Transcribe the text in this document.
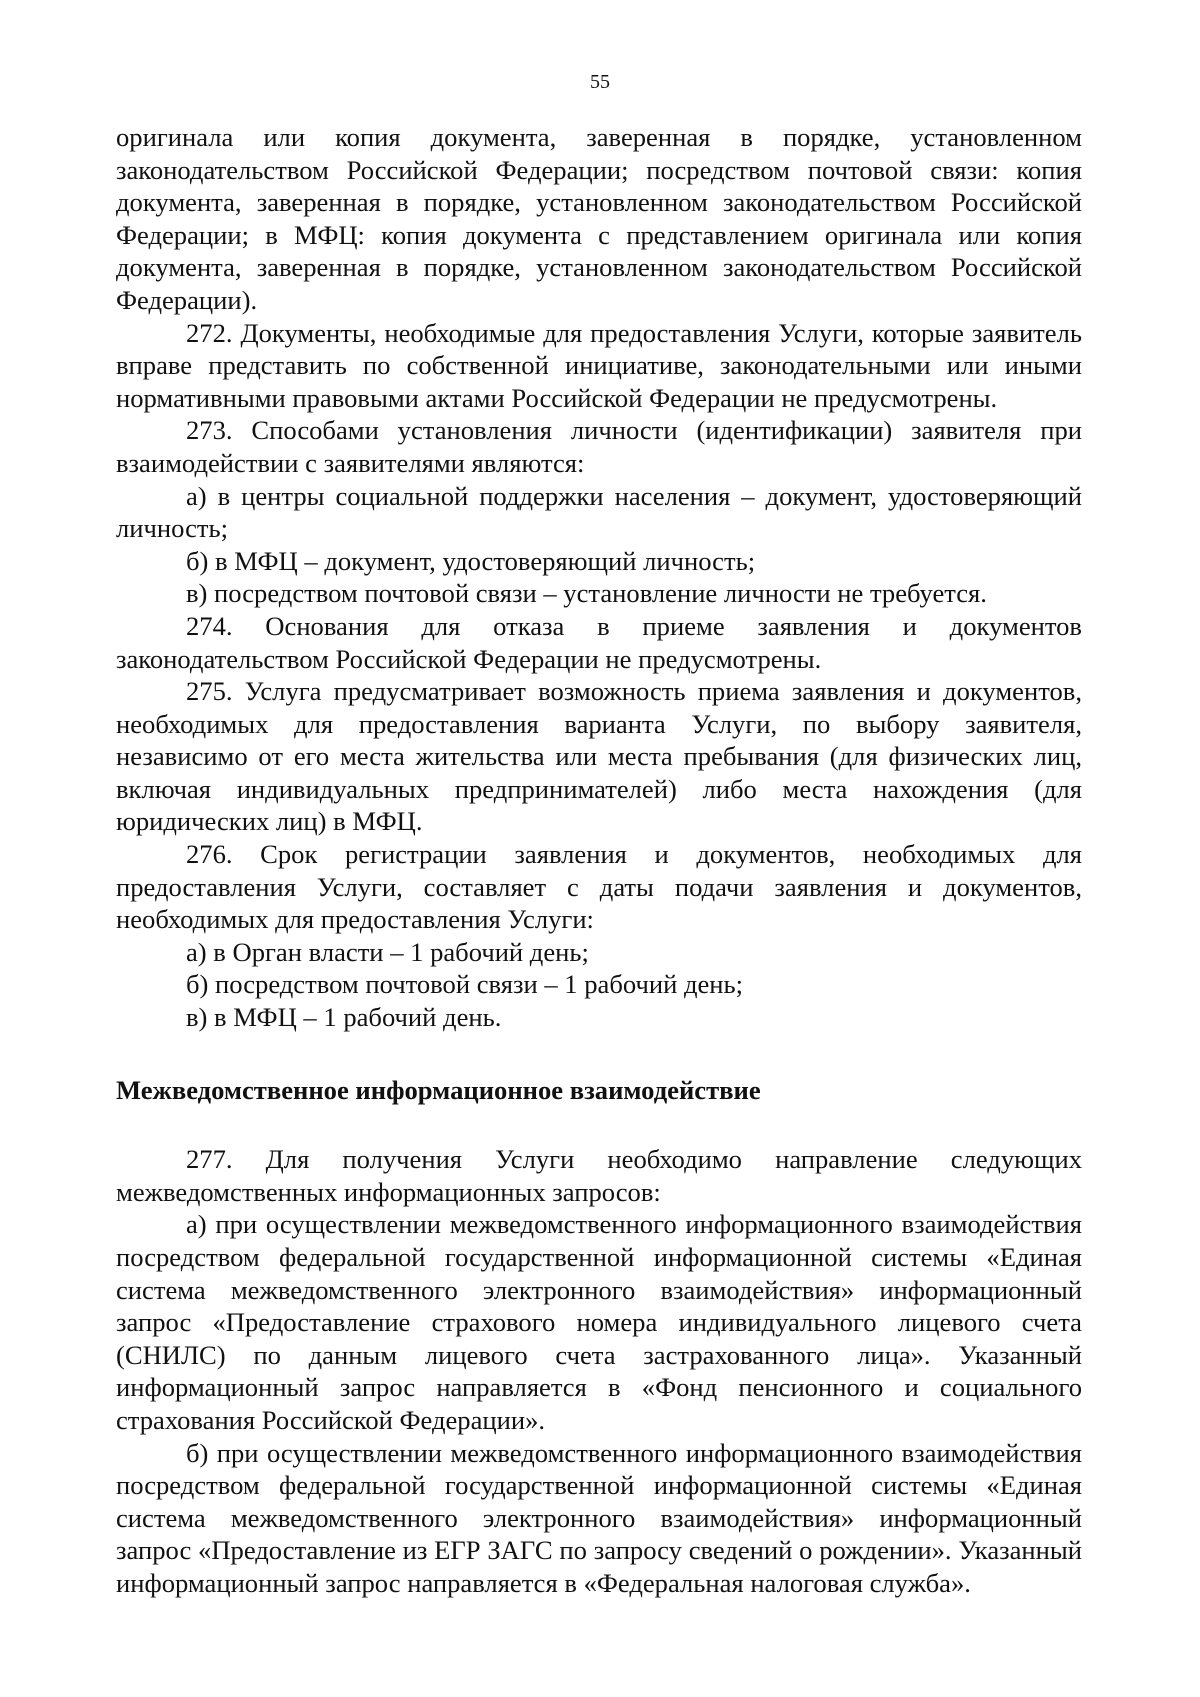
55

оригинала или копия документа, заверенная в порядке, установленном законодательством Российской Федерации; посредством почтовой связи: копия документа, заверенная в порядке, установленном законодательством Российской Федерации; в МФЦ: копия документа с представлением оригинала или копия документа, заверенная в порядке, установленном законодательством Российской Федерации).

272. Документы, необходимые для предоставления Услуги, которые заявитель вправе представить по собственной инициативе, законодательными или иными нормативными правовыми актами Российской Федерации не предусмотрены.

273. Способами установления личности (идентификации) заявителя при взаимодействии с заявителями являются:

а) в центры социальной поддержки населения – документ, удостоверяющий личность;

б) в МФЦ – документ, удостоверяющий личность;

в) посредством почтовой связи – установление личности не требуется.

274. Основания для отказа в приеме заявления и документов законодательством Российской Федерации не предусмотрены.

275. Услуга предусматривает возможность приема заявления и документов, необходимых для предоставления варианта Услуги, по выбору заявителя, независимо от его места жительства или места пребывания (для физических лиц, включая индивидуальных предпринимателей) либо места нахождения (для юридических лиц) в МФЦ.

276. Срок регистрации заявления и документов, необходимых для предоставления Услуги, составляет с даты подачи заявления и документов, необходимых для предоставления Услуги:

а) в Орган власти – 1 рабочий день;

б) посредством почтовой связи – 1 рабочий день;

в) в МФЦ – 1 рабочий день.

Межведомственное информационное взаимодействие

277. Для получения Услуги необходимо направление следующих межведомственных информационных запросов:

а) при осуществлении межведомственного информационного взаимодействия посредством федеральной государственной информационной системы «Единая система межведомственного электронного взаимодействия» информационный запрос «Предоставление страхового номера индивидуального лицевого счета (СНИЛС) по данным лицевого счета застрахованного лица». Указанный информационный запрос направляется в «Фонд пенсионного и социального страхования Российской Федерации».

б) при осуществлении межведомственного информационного взаимодействия посредством федеральной государственной информационной системы «Единая система межведомственного электронного взаимодействия» информационный запрос «Предоставление из ЕГР ЗАГС по запросу сведений о рождении». Указанный информационный запрос направляется в «Федеральная налоговая служба».
